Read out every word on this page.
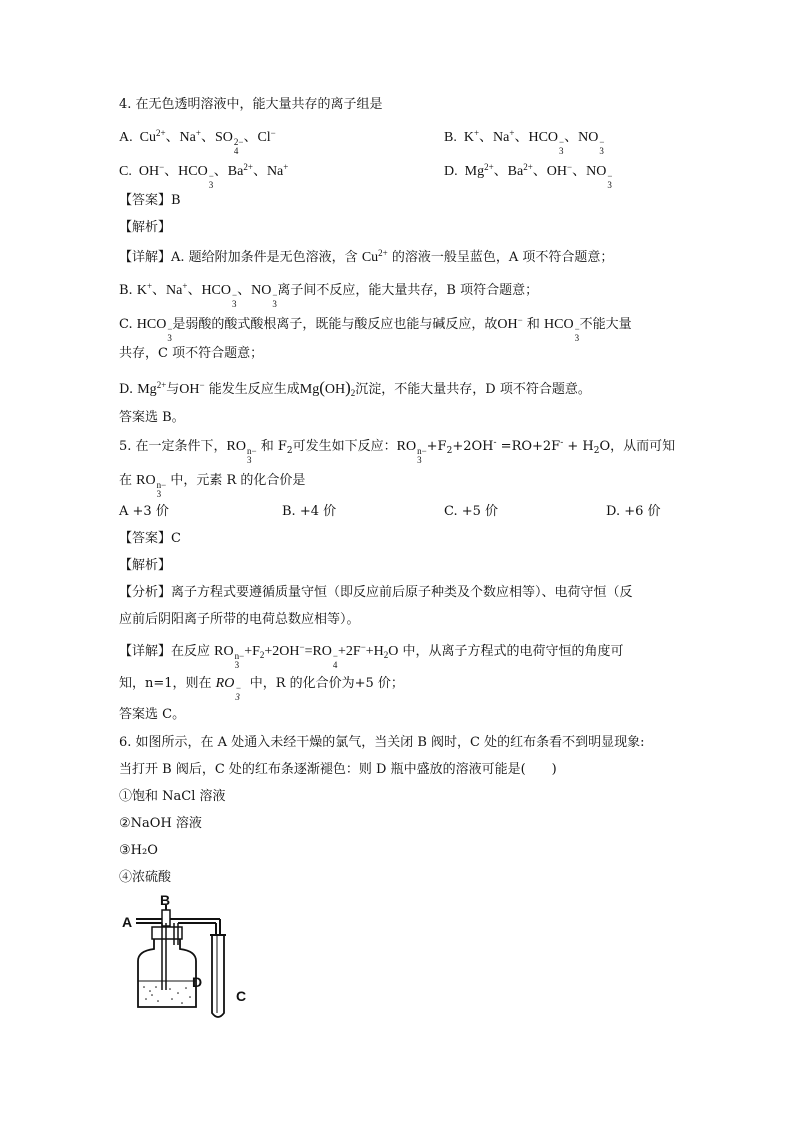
4. 在无色透明溶液中，能大量共存的离子组是
A.  $Cu^{2+}$、Na+、SO 2−
4
、Cl−	B.  K+、Na+、HCO −
3
、NO −
3
C.  OH−、HCO −
3
、$Ba^{2+}$、Na+	D.  $Mg^{2+}$、$Ba^{2+}$、OH−、NO −
3
【答案】B
【解析】
【详解】A. 题给附加条件是无色溶液，含 $Cu^{2+}$ 的溶液一般呈蓝色，A 项不符合题意；
B. K+、Na+、HCO −
3
、NO −
3
离子间不反应，能大量共存，B 项符合题意；
C. HCO −
3
是弱酸的酸式酸根离子，既能与酸反应也能与碱反应，故OH− 和 HCO −
3
不能大量
共存，C 项不符合题意；
D. $Mg^{2+}$与OH− 能发生反应生成$Mg(OH)_2$沉淀，不能大量共存，D 项不符合题意。
答案选 B。
5. 在一定条件下，RO n−
3
和 $F_2$可发生如下反应：RO n−
3
$+F_2+2OH^- =RO+2F^- + H_2O$，从而可知
在 RO n−
3
中，元素 R 的化合价是
A +3 价	B. +4 价	C. +5 价	D. +6 价
【答案】C
【解析】
【分析】离子方程式要遵循质量守恒（即反应前后原子种类及个数应相等）、电荷守恒（反
应前后阴阳离子所带的电荷总数应相等）。
【详解】在反应 RO n−
3
$+F_2+2OH^-=RO$ −
4
$+2F^-+H_2O$ 中，从离子方程式的电荷守恒的角度可
知，n=1，则在 RO −
3
中，R 的化合价为+5 价；
答案选 C。
6. 如图所示，在 A 处通入未经干燥的氯气，当关闭 B 阀时，C 处的红布条看不到明显现象:
当打开 B 阀后，C 处的红布条逐渐褪色：则 D 瓶中盛放的溶液可能是(　　)
①饱和 NaCl 溶液
②NaOH 溶液
③H₂O
④浓硫酸
A
B
D
C
